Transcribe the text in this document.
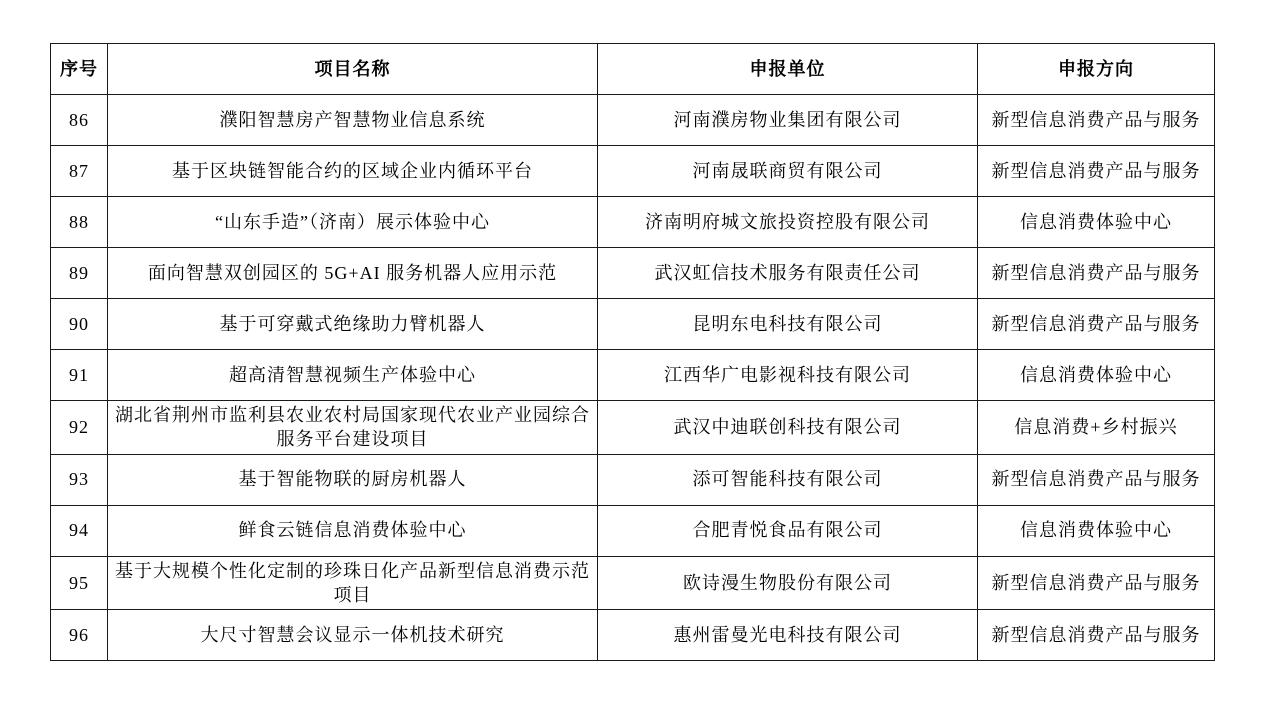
序号	项目名称	申报单位	申报方向
86	濮阳智慧房产智慧物业信息系统	河南濮房物业集团有限公司	新型信息消费产品与服务
87	基于区块链智能合约的区域企业内循环平台	河南晟联商贸有限公司	新型信息消费产品与服务
88	“山东手造”（济南）展示体验中心	济南明府城文旅投资控股有限公司	信息消费体验中心
89	面向智慧双创园区的 5G+AI 服务机器人应用示范	武汉虹信技术服务有限责任公司	新型信息消费产品与服务
90	基于可穿戴式绝缘助力臂机器人	昆明东电科技有限公司	新型信息消费产品与服务
91	超高清智慧视频生产体验中心	江西华广电影视科技有限公司	信息消费体验中心
92	湖北省荆州市监利县农业农村局国家现代农业产业园综合服务平台建设项目	武汉中迪联创科技有限公司	信息消费+乡村振兴
93	基于智能物联的厨房机器人	添可智能科技有限公司	新型信息消费产品与服务
94	鲜食云链信息消费体验中心	合肥青悦食品有限公司	信息消费体验中心
95	基于大规模个性化定制的珍珠日化产品新型信息消费示范项目	欧诗漫生物股份有限公司	新型信息消费产品与服务
96	大尺寸智慧会议显示一体机技术研究	惠州雷曼光电科技有限公司	新型信息消费产品与服务
